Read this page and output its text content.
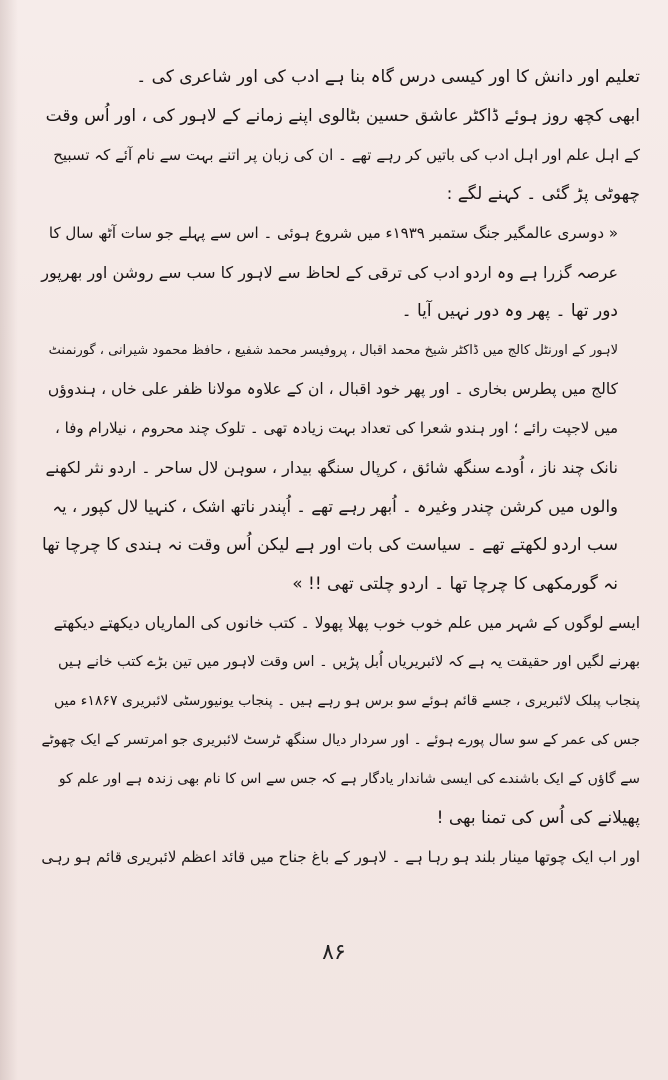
تعلیم اور دانش کا اور کیسی درس گاہ بنا ہے ادب کی اور شاعری کی ۔
ابھی کچھ روز ہوئے ڈاکٹر عاشق حسین بٹالوی اپنے زمانے کے لاہور کی ، اور اُس وقت
کے اہل علم اور اہل ادب کی باتیں کر رہے تھے ۔ ان کی زبان پر اتنے بہت سے نام آئے کہ تسبیح
چھوٹی پڑ گئی ۔ کہنے لگے :
« دوسری عالمگیر جنگ ستمبر ۱۹۳۹ء میں شروع ہوئی ۔ اس سے پہلے جو سات آٹھ سال کا
عرصہ گزرا ہے وہ اردو ادب کی ترقی کے لحاظ سے لاہور کا سب سے روشن اور بھرپور
دور تھا ۔ پھر وہ دور نہیں آیا ۔
لاہور کے اورنٹل کالج میں ڈاکٹر شیخ محمد اقبال ، پروفیسر محمد شفیع ، حافظ محمود شیرانی ، گورنمنٹ
کالج میں پطرس بخاری ۔ اور پھر خود اقبال ، ان کے علاوہ مولانا ظفر علی خاں ، ہندوؤں
میں لاجپت رائے ؛ اور ہندو شعرا کی تعداد بہت زیادہ تھی ۔ تلوک چند محروم ، نیلارام وفا ،
نانک چند ناز ، اُودے سنگھ شائق ، کرپال سنگھ بیدار ، سوہن لال ساحر ۔ اردو نثر لکھنے
والوں میں کرشن چندر وغیرہ ۔ اُبھر رہے تھے ۔ اُپندر ناتھ اشک ، کنہیا لال کپور ، یہ
سب اردو لکھتے تھے ۔ سیاست کی بات اور ہے لیکن اُس وقت نہ ہندی کا چرچا تھا
نہ گورمکھی کا چرچا تھا ۔ اردو چلتی تھی !! »
ایسے لوگوں کے شہر میں علم خوب خوب پھلا پھولا ۔ کتب خانوں کی الماریاں دیکھتے دیکھتے
بھرنے لگیں اور حقیقت یہ ہے کہ لائبریریاں اُبل پڑیں ۔ اس وقت لاہور میں تین بڑے کتب خانے ہیں
پنجاب پبلک لائبریری ، جسے قائم ہوئے سو برس ہو رہے ہیں ۔ پنجاب یونیورسٹی لائبریری ۱۸۶۷ء میں
جس کی عمر کے سو سال پورے ہوئے ۔ اور سردار دیال سنگھ ٹرسٹ لائبریری جو امرتسر کے ایک چھوٹے
سے گاؤں کے ایک باشندے کی ایسی شاندار یادگار ہے کہ جس سے اس کا نام بھی زندہ ہے اور علم کو
پھیلانے کی اُس کی تمنا بھی !
اور اب ایک چوتھا مینار بلند ہو رہا ہے ۔ لاہور کے باغ جناح میں قائد اعظم لائبریری قائم ہو رہی
۸۶
